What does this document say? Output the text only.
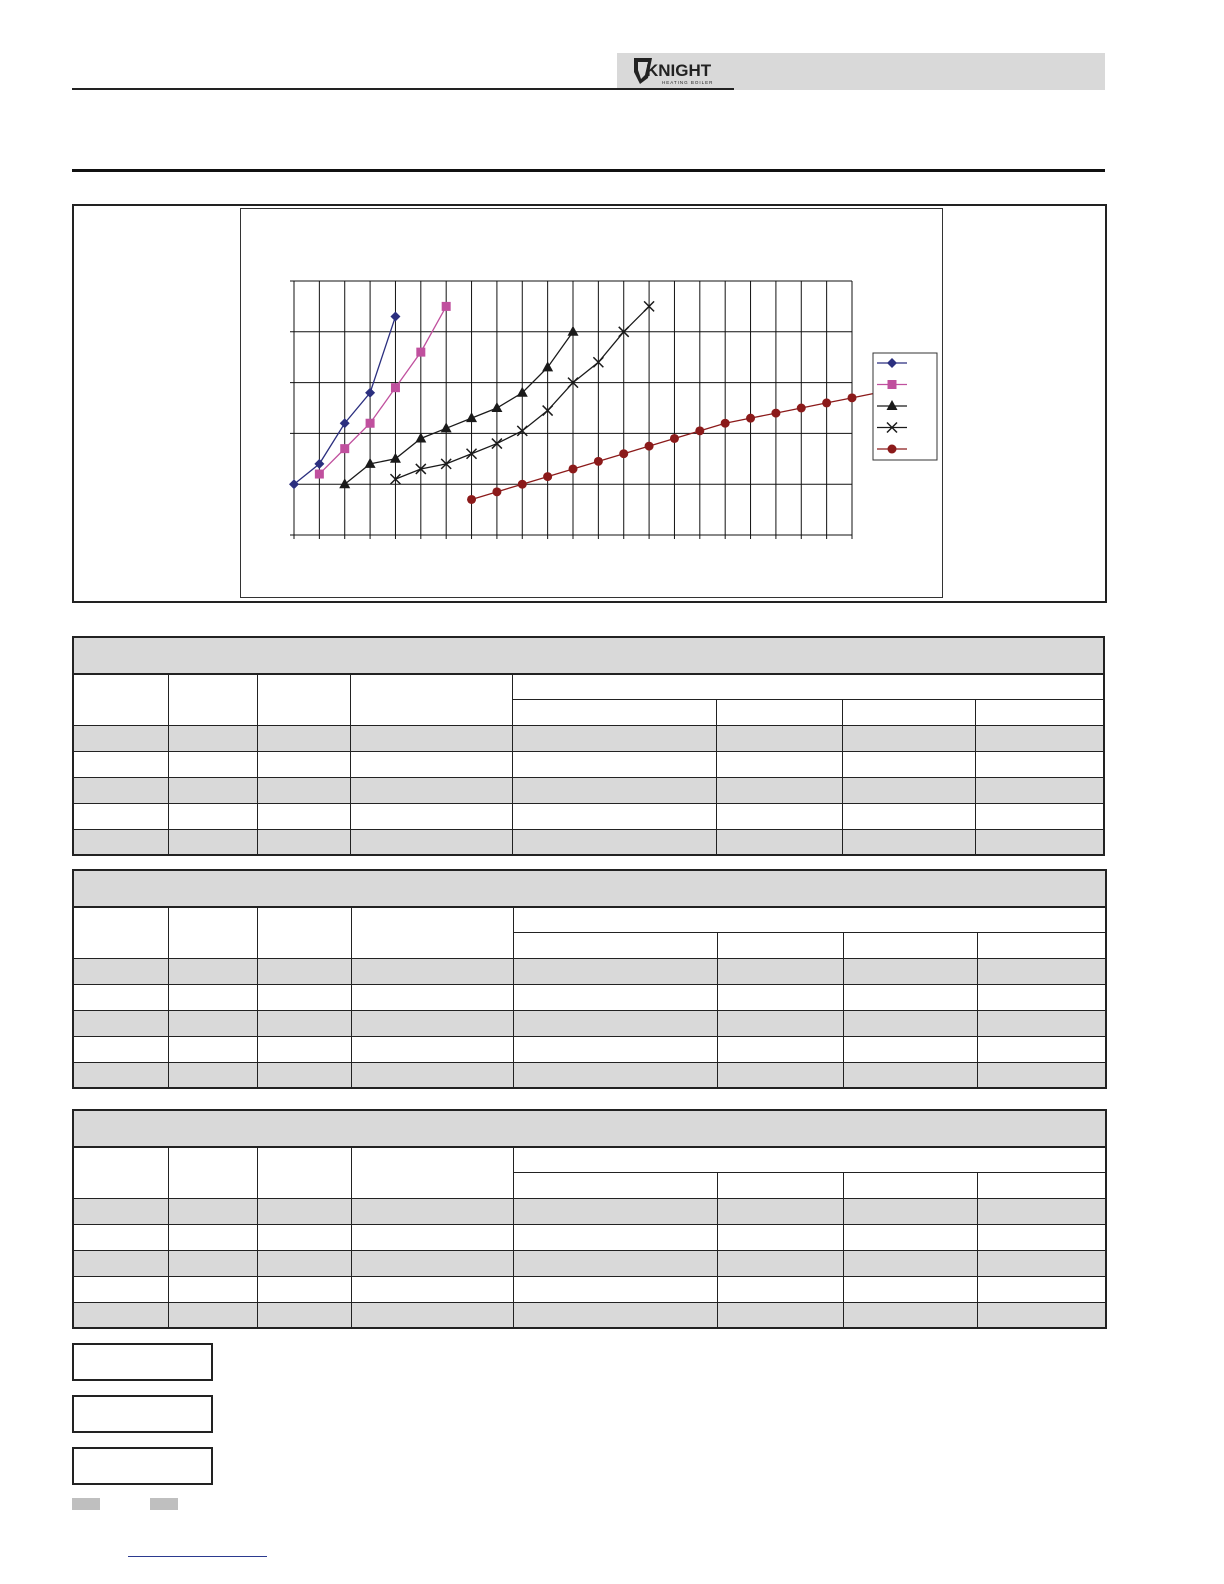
KNIGHT
HEATING BOILER
